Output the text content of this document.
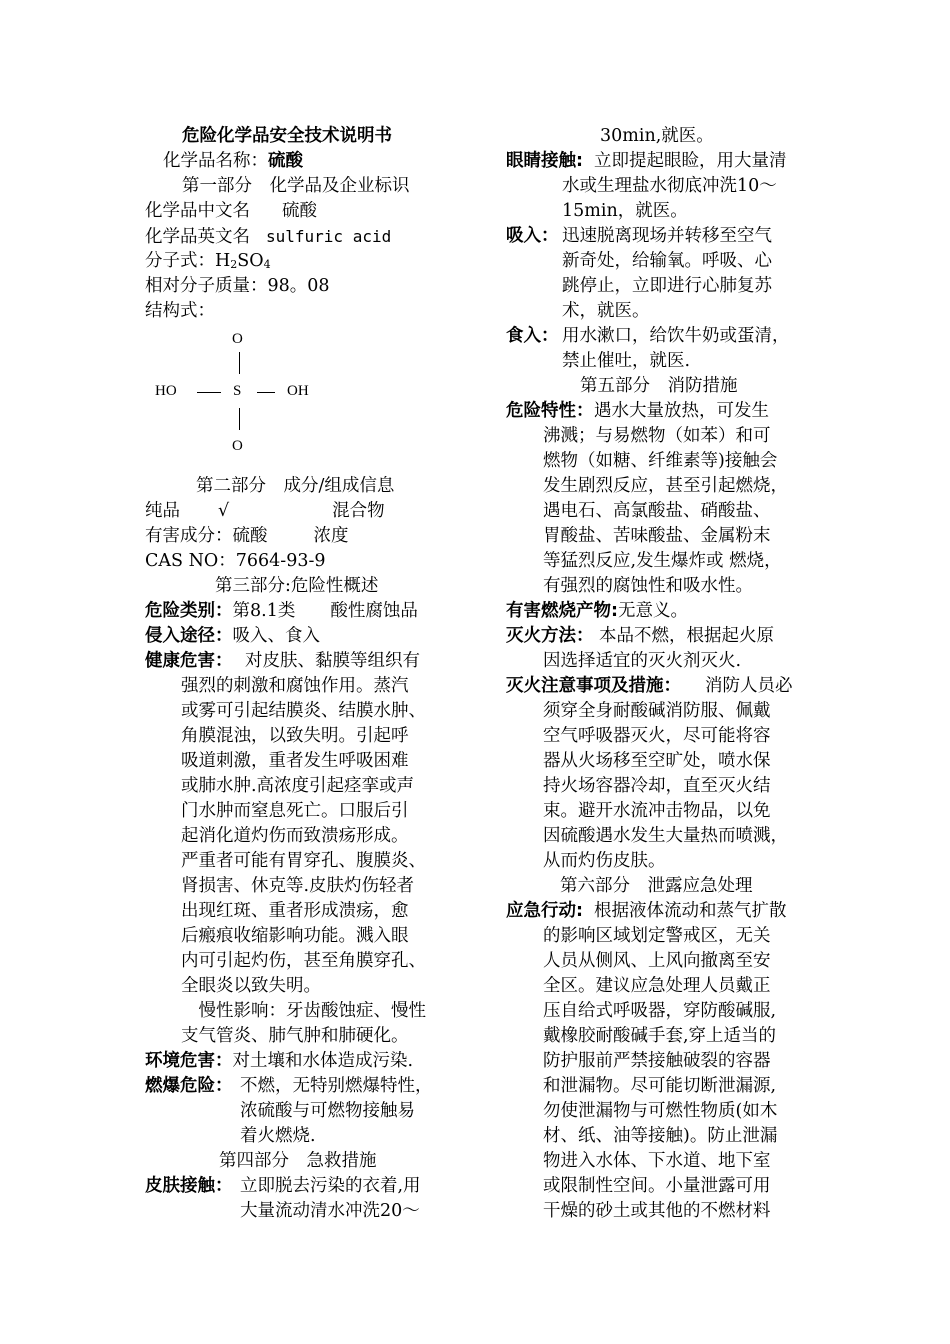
危险化学品安全技术说明书
化学品名称：硫酸
第一部分　化学品及企业标识
化学品中文名 硫酸
化学品英文名 sulfuric acid
分子式：$H_2SO_4$
相对分子质量：98。08
结构式：
O
HO	S	OH
O
第二部分　成分/组成信息
纯品 √	混合物
有害成分：硫酸	浓度
CAS NO：7664-93-9
第三部分:危险性概述
危险类别：第8.1类　　酸性腐蚀品
侵入途径：吸入、食入
健康危害： 对皮肤、黏膜等组织有
强烈的刺激和腐蚀作用。蒸汽
或雾可引起结膜炎、结膜水肿、
角膜混浊，以致失明。引起呼
吸道刺激，重者发生呼吸困难
或肺水肿.高浓度引起痉挛或声
门水肿而窒息死亡。口服后引
起消化道灼伤而致溃疡形成。
严重者可能有胃穿孔、腹膜炎、
肾损害、休克等.皮肤灼伤轻者
出现红斑、重者形成溃疡，愈
后瘢痕收缩影响功能。溅入眼
内可引起灼伤，甚至角膜穿孔、
全眼炎以致失明。
　慢性影响：牙齿酸蚀症、慢性
支气管炎、肺气肿和肺硬化。
环境危害：对土壤和水体造成污染.
燃爆危险： 不燃，无特别燃爆特性，
浓硫酸与可燃物接触易
着火燃烧.
第四部分　急救措施
皮肤接触： 立即脱去污染的衣着,用
大量流动清水冲洗20～
30min,就医。
眼睛接触: 立即提起眼睑，用大量清
水或生理盐水彻底冲洗10～
15min，就医。
吸入： 迅速脱离现场并转移至空气
新奇处，给输氧。呼吸、心
跳停止，立即进行心肺复苏
术，就医。
食入： 用水漱口，给饮牛奶或蛋清，
禁止催吐，就医.
第五部分　消防措施
危险特性： 遇水大量放热，可发生
沸溅；与易燃物（如苯）和可
燃物（如糖、纤维素等)接触会
发生剧烈反应，甚至引起燃烧，
遇电石、高氯酸盐、硝酸盐、
胃酸盐、苦味酸盐、金属粉末
等猛烈反应,发生爆炸或 燃烧，
有强烈的腐蚀性和吸水性。
有害燃烧产物:无意义。
灭火方法： 本品不燃，根据起火原
因选择适宜的灭火剂灭火.
灭火注意事项及措施： 消防人员必
须穿全身耐酸碱消防服、佩戴
空气呼吸器灭火，尽可能将容
器从火场移至空旷处，喷水保
持火场容器冷却，直至灭火结
束。避开水流冲击物品，以免
因硫酸遇水发生大量热而喷溅，
从而灼伤皮肤。
第六部分　泄露应急处理
应急行动: 根据液体流动和蒸气扩散
的影响区域划定警戒区，无关
人员从侧风、上风向撤离至安
全区。建议应急处理人员戴正
压自给式呼吸器，穿防酸碱服,
戴橡胶耐酸碱手套,穿上适当的
防护服前严禁接触破裂的容器
和泄漏物。尽可能切断泄漏源,
勿使泄漏物与可燃性物质(如木
材、纸、油等接触)。防止泄漏
物进入水体、下水道、地下室
或限制性空间。小量泄露可用
干燥的砂土或其他的不燃材料
